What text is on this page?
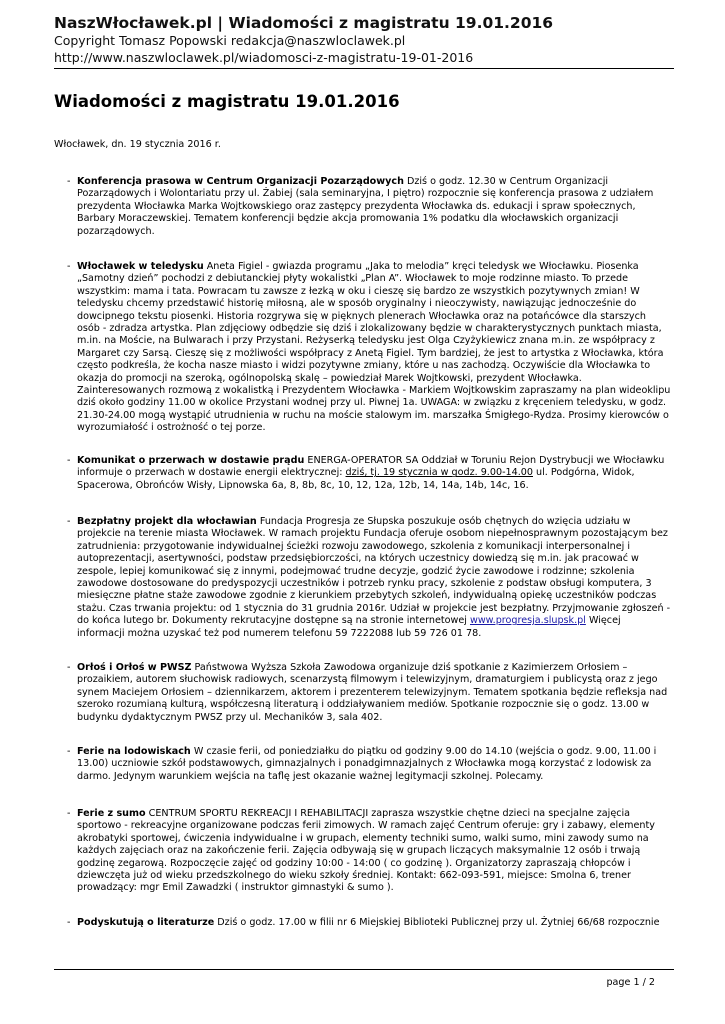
NaszWłocławek.pl | Wiadomości z magistratu 19.01.2016
Copyright Tomasz Popowski redakcja@naszwloclawek.pl
http://www.naszwloclawek.pl/wiadomosci-z-magistratu-19-01-2016
Wiadomości z magistratu 19.01.2016
Włocławek, dn. 19 stycznia 2016 r.
- Konferencja prasowa w Centrum Organizacji Pozarządowych Dziś o godz. 12.30 w Centrum Organizacji Pozarządowych i Wolontariatu przy ul. Żabiej (sala seminaryjna, I piętro) rozpocznie się konferencja prasowa z udziałem prezydenta Włocławka Marka Wojtkowskiego oraz zastępcy prezydenta Włocławka ds. edukacji i spraw społecznych, Barbary Moraczewskiej. Tematem konferencji będzie akcja promowania 1% podatku dla włocławskich organizacji pozarządowych.
- Włocławek w teledysku Aneta Figiel - gwiazda programu „Jaka to melodia” kręci teledysk we Włocławku. Piosenka „Samotny dzień” pochodzi z debiutanckiej płyty wokalistki „Plan A”. Włocławek to moje rodzinne miasto. To przede wszystkim: mama i tata. Powracam tu zawsze z łezką w oku i cieszę się bardzo ze wszystkich pozytywnych zmian! W teledysku chcemy przedstawić historię miłosną, ale w sposób oryginalny i nieoczywisty, nawiązując jednocześnie do dowcipnego tekstu piosenki. Historia rozgrywa się w pięknych plenerach Włocławka oraz na potańcówce dla starszych osób - zdradza artystka. Plan zdjęciowy odbędzie się dziś i zlokalizowany będzie w charakterystycznych punktach miasta, m.in. na Moście, na Bulwarach i przy Przystani. Reżyserką teledysku jest Olga Czyżykiewicz znana m.in. ze współpracy z Margaret czy Sarsą. Cieszę się z możliwości współpracy z Anetą Figiel. Tym bardziej, że jest to artystka z Włocławka, która często podkreśla, że kocha nasze miasto i widzi pozytywne zmiany, które u nas zachodzą. Oczywiście dla Włocławka to okazja do promocji na szeroką, ogólnopolską skalę – powiedział Marek Wojtkowski, prezydent Włocławka. Zainteresowanych rozmową z wokalistką i Prezydentem Włocławka - Markiem Wojtkowskim zapraszamy na plan wideoklipu dziś około godziny 11.00 w okolice Przystani wodnej przy ul. Piwnej 1a. UWAGA: w związku z kręceniem teledysku, w godz. 21.30-24.00 mogą wystąpić utrudnienia w ruchu na moście stalowym im. marszałka Śmigłego-Rydza. Prosimy kierowców o wyrozumiałość i ostrożność o tej porze.
- Komunikat o przerwach w dostawie prądu ENERGA-OPERATOR SA Oddział w Toruniu Rejon Dystrybucji we Włocławku informuje o przerwach w dostawie energii elektrycznej: dziś, tj. 19 stycznia w godz. 9.00-14.00 ul. Podgórna, Widok, Spacerowa, Obrońców Wisły, Lipnowska 6a, 8, 8b, 8c, 10, 12, 12a, 12b, 14, 14a, 14b, 14c, 16.
- Bezpłatny projekt dla włocławian Fundacja Progresja ze Słupska poszukuje osób chętnych do wzięcia udziału w projekcie na terenie miasta Włocławek. W ramach projektu Fundacja oferuje osobom niepełnosprawnym pozostającym bez zatrudnienia: przygotowanie indywidualnej ścieżki rozwoju zawodowego, szkolenia z komunikacji interpersonalnej i autoprezentacji, asertywności, podstaw przedsiębiorczości, na których uczestnicy dowiedzą się m.in. jak pracować w zespole, lepiej komunikować się z innymi, podejmować trudne decyzje, godzić życie zawodowe i rodzinne; szkolenia zawodowe dostosowane do predyspozycji uczestników i potrzeb rynku pracy, szkolenie z podstaw obsługi komputera, 3 miesięczne płatne staże zawodowe zgodnie z kierunkiem przebytych szkoleń, indywidualną opiekę uczestników podczas stażu. Czas trwania projektu: od 1 stycznia do 31 grudnia 2016r. Udział w projekcie jest bezpłatny. Przyjmowanie zgłoszeń - do końca lutego br. Dokumenty rekrutacyjne dostępne są na stronie internetowej www.progresja.slupsk.pl Więcej informacji można uzyskać też pod numerem telefonu 59 7222088 lub 59 726 01 78.
- Orłoś i Orłoś w PWSZ Państwowa Wyższa Szkoła Zawodowa organizuje dziś spotkanie z Kazimierzem Orłosiem – prozaikiem, autorem słuchowisk radiowych, scenarzystą filmowym i telewizyjnym, dramaturgiem i publicystą oraz z jego synem Maciejem Orłosiem – dziennikarzem, aktorem i prezenterem telewizyjnym. Tematem spotkania będzie refleksja nad szeroko rozumianą kulturą, współczesną literaturą i oddziaływaniem mediów. Spotkanie rozpocznie się o godz. 13.00 w budynku dydaktycznym PWSZ przy ul. Mechaników 3, sala 402.
- Ferie na lodowiskach W czasie ferii, od poniedziałku do piątku od godziny 9.00 do 14.10 (wejścia o godz. 9.00, 11.00 i 13.00) uczniowie szkół podstawowych, gimnazjalnych i ponadgimnazjalnych z Włocławka mogą korzystać z lodowisk za darmo. Jedynym warunkiem wejścia na taflę jest okazanie ważnej legitymacji szkolnej. Polecamy.
- Ferie z sumo CENTRUM SPORTU REKREACJI I REHABILITACJI zaprasza wszystkie chętne dzieci na specjalne zajęcia sportowo - rekreacyjne organizowane podczas ferii zimowych. W ramach zajęć Centrum oferuje: gry i zabawy, elementy akrobatyki sportowej, ćwiczenia indywidualne i w grupach, elementy techniki sumo, walki sumo, mini zawody sumo na każdych zajęciach oraz na zakończenie ferii. Zajęcia odbywają się w grupach liczących maksymalnie 12 osób i trwają godzinę zegarową. Rozpoczęcie zajęć od godziny 10:00 - 14:00 ( co godzinę ). Organizatorzy zapraszają chłopców i dziewczęta już od wieku przedszkolnego do wieku szkoły średniej. Kontakt: 662-093-591, miejsce: Smolna 6, trener prowadzący: mgr Emil Zawadzki ( instruktor gimnastyki & sumo ).
- Podyskutują o literaturze Dziś o godz. 17.00 w filii nr 6 Miejskiej Biblioteki Publicznej przy ul. Żytniej 66/68 rozpocznie
page 1 / 2
